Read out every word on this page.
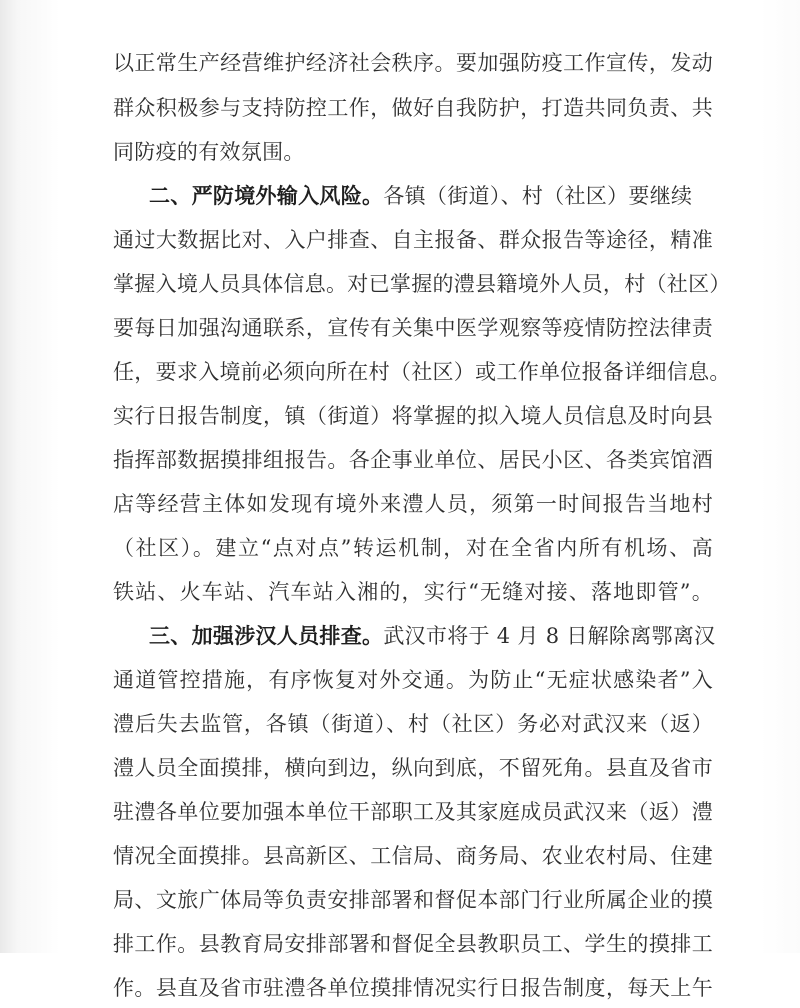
以正常生产经营维护经济社会秩序。要加强防疫工作宣传，发动
群众积极参与支持防控工作，做好自我防护，打造共同负责、共
同防疫的有效氛围。
二、严防境外输入风险。各镇（街道）、村（社区）要继续
通过大数据比对、入户排查、自主报备、群众报告等途径，精准
掌握入境人员具体信息。对已掌握的澧县籍境外人员，村（社区）
要每日加强沟通联系，宣传有关集中医学观察等疫情防控法律责
任，要求入境前必须向所在村（社区）或工作单位报备详细信息。
实行日报告制度，镇（街道）将掌握的拟入境人员信息及时向县
指挥部数据摸排组报告。各企事业单位、居民小区、各类宾馆酒
店等经营主体如发现有境外来澧人员，须第一时间报告当地村
（社区）。建立“点对点”转运机制，对在全省内所有机场、高
铁站、火车站、汽车站入湘的，实行“无缝对接、落地即管”。
三、加强涉汉人员排查。武汉市将于 4 月 8 日解除离鄂离汉
通道管控措施，有序恢复对外交通。为防止“无症状感染者”入
澧后失去监管，各镇（街道）、村（社区）务必对武汉来（返）
澧人员全面摸排，横向到边，纵向到底，不留死角。县直及省市
驻澧各单位要加强本单位干部职工及其家庭成员武汉来（返）澧
情况全面摸排。县高新区、工信局、商务局、农业农村局、住建
局、文旅广体局等负责安排部署和督促本部门行业所属企业的摸
排工作。县教育局安排部署和督促全县教职员工、学生的摸排工
作。县直及省市驻澧各单位摸排情况实行日报告制度，每天上午
